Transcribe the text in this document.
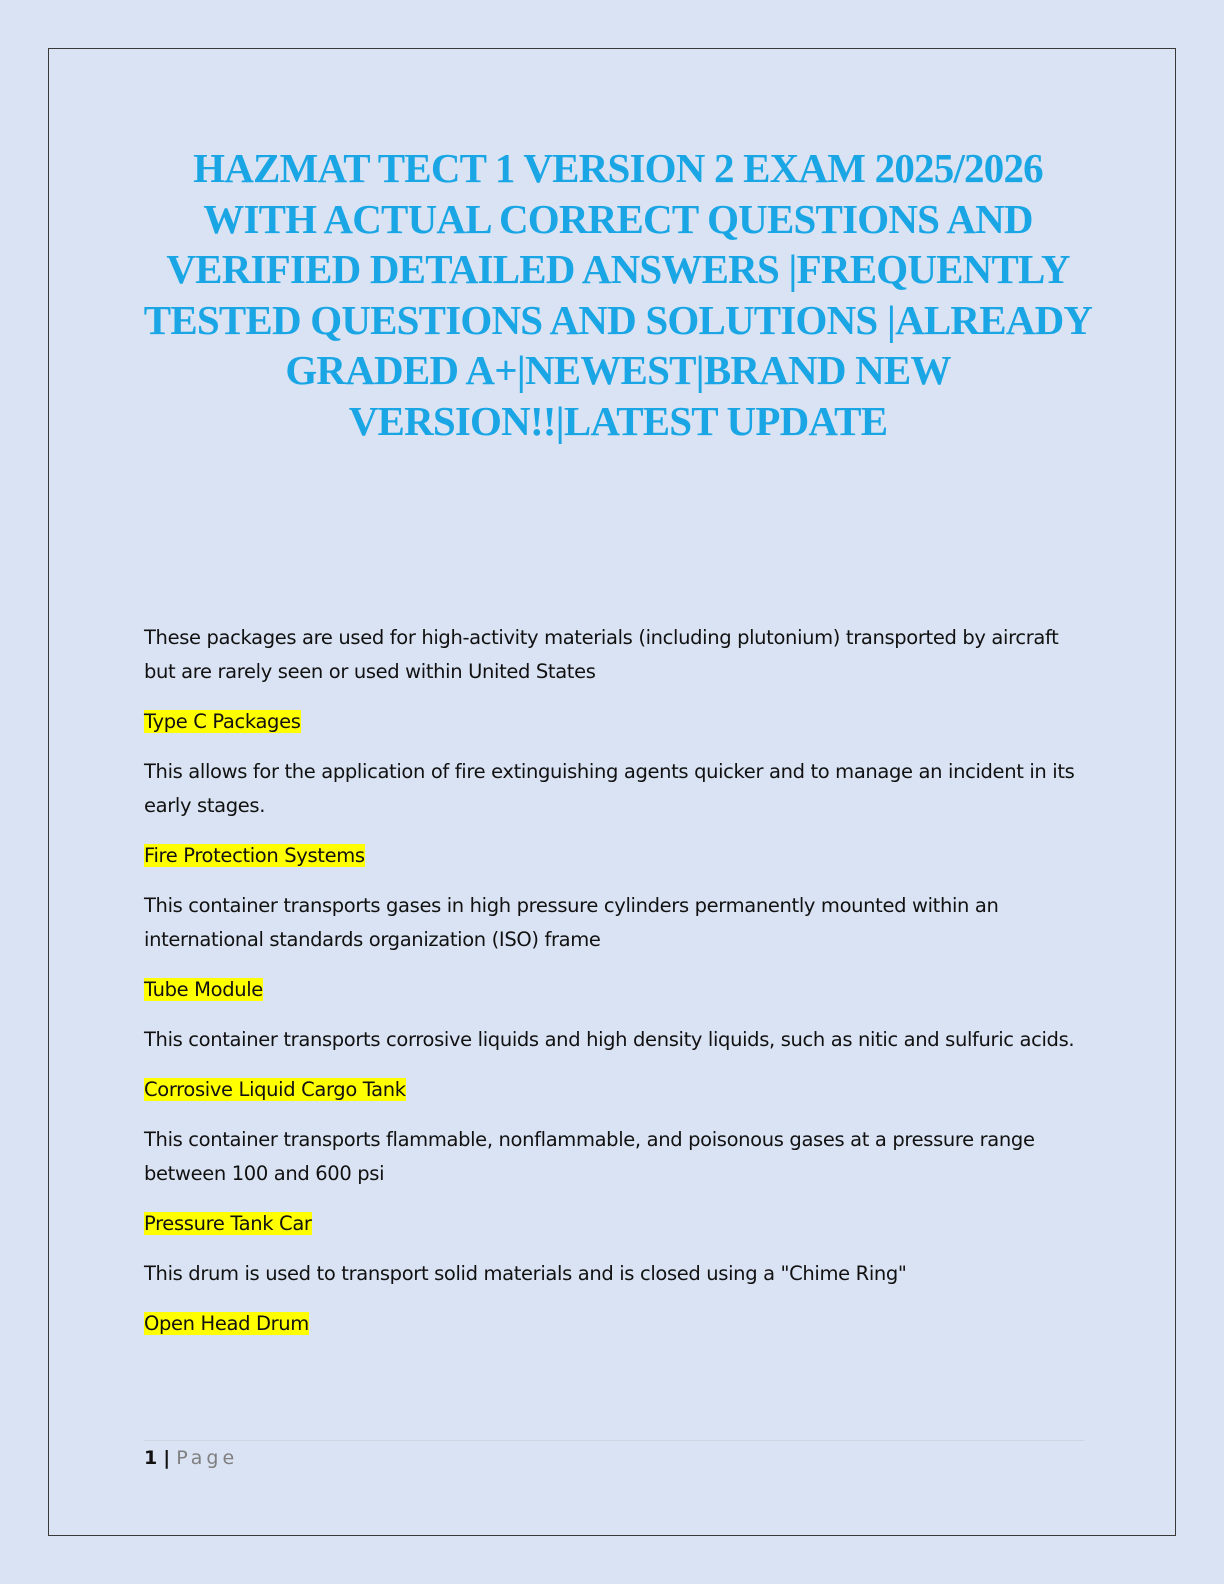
HAZMAT TECT 1 VERSION 2 EXAM 2025/2026 WITH ACTUAL CORRECT QUESTIONS AND VERIFIED DETAILED ANSWERS |FREQUENTLY TESTED QUESTIONS AND SOLUTIONS |ALREADY GRADED A+|NEWEST|BRAND NEW VERSION!!|LATEST UPDATE

These packages are used for high-activity materials (including plutonium) transported by aircraft but are rarely seen or used within United States

Type C Packages

This allows for the application of fire extinguishing agents quicker and to manage an incident in its early stages.

Fire Protection Systems

This container transports gases in high pressure cylinders permanently mounted within an international standards organization (ISO) frame

Tube Module

This container transports corrosive liquids and high density liquids, such as nitic and sulfuric acids.

Corrosive Liquid Cargo Tank

This container transports flammable, nonflammable, and poisonous gases at a pressure range between 100 and 600 psi

Pressure Tank Car

This drum is used to transport solid materials and is closed using a "Chime Ring"

Open Head Drum

1 | Page
